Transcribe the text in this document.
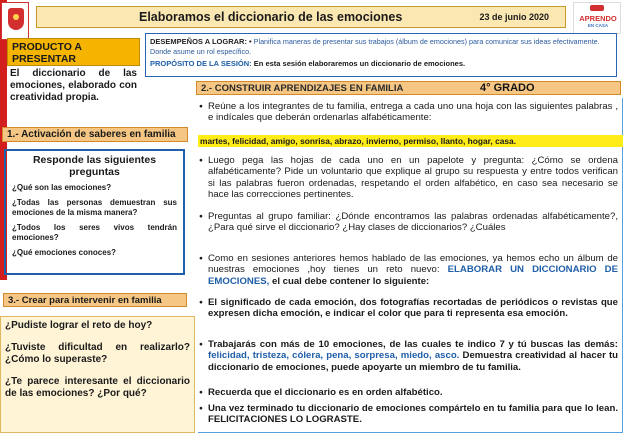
Elaboramos el diccionario de las emociones	23 de junio 2020	APRENDO
EN CASA
PRODUCTO A PRESENTAR
El diccionario de las emociones, elaborado con creatividad propia.
DESEMPEÑOS A LOGRAR: • Planifica maneras de presentar sus trabajos (álbum de emociones) para comunicar sus ideas efectivamente. Donde asume un rol específico.
PROPÓSITO DE LA SESIÓN: En esta sesión elaboraremos un diccionario de emociones.
2.- CONSTRUIR APRENDIZAJES EN FAMILIA	4° GRADO
1.- Activación de saberes en familia
Responde las siguientes preguntas
¿Qué son las emociones?
¿Todas las personas demuestran sus emociones de la misma manera?
¿Todos los seres vivos tendrán emociones?
¿Qué emociones conoces?
3.- Crear para intervenir en familia
¿Pudiste lograr el reto de hoy?
¿Tuviste dificultad en realizarlo? ¿Cómo lo superaste?
¿Te parece interesante el diccionario de las emociones? ¿Por qué?
● Reúne a los integrantes de tu familia, entrega a cada uno una hoja con las siguientes palabras , e indícales que deberán ordenarlas alfabéticamente:
martes, felicidad, amigo, sonrisa, abrazo, invierno, permiso, llanto, hogar, casa.
● Luego pega las hojas de cada uno en un papelote y pregunta: ¿Cómo se ordena alfabéticamente? Pide un voluntario que explique al grupo su respuesta y entre todos verifican si las palabras fueron ordenadas, respetando el orden alfabético, en caso sea necesario se hace las correcciones pertinentes.
● Preguntas al grupo familiar: ¿Dónde encontramos las palabras ordenadas alfabéticamente?, ¿Para qué sirve el diccionario? ¿Hay clases de diccionarios? ¿Cuáles
● Como en sesiones anteriores hemos hablado de las emociones, ya hemos echo un álbum de nuestras emociones ,hoy tienes un reto nuevo: ELABORAR UN DICCIONARIO DE EMOCIONES, el cual debe contener lo siguiente:
● El significado de cada emoción, dos fotografías recortadas de periódicos o revistas que expresen dicha emoción, e indicar el color que para ti representa esa emoción.
● Trabajarás con más de 10 emociones, de las cuales te indico 7 y tú buscas las demás: felicidad, tristeza, cólera, pena, sorpresa, miedo, asco. Demuestra creatividad al hacer tu diccionario de emociones, puede apoyarte un miembro de tu familia.
● Recuerda que el diccionario es en orden alfabético.
● Una vez terminado tu diccionario de emociones compártelo en tu familia para que lo lean. FELICITACIONES LO LOGRASTE.
